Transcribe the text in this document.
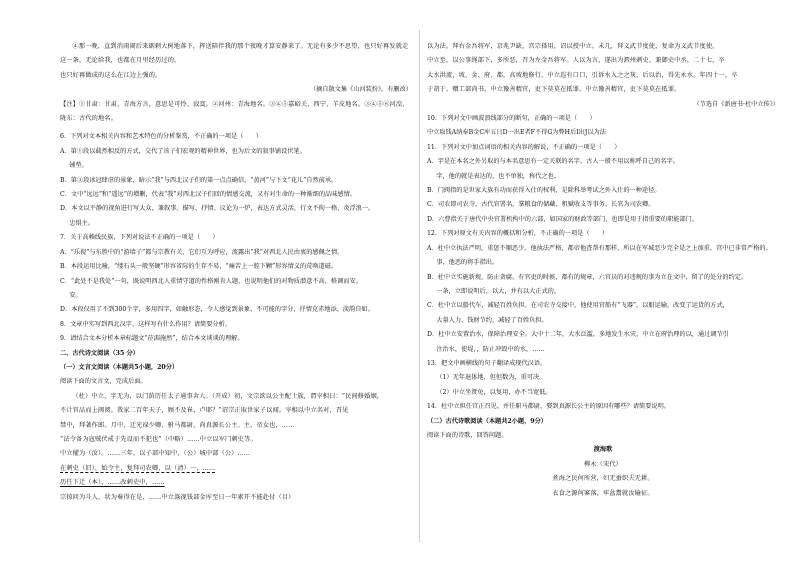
④那一晚，直到消雨闹后来副剩大树地落下，挥送陪伴我的那个夜晚才算安静来了。无论有多少不思望，也只好再发就走这一条，无论给我，也都在月里经历过的。

也只好再做成的这么在江边上强的。

（摘自散文集《山河装扮》，有删改）

【注】①甘肃：甘肃，青海方言，意思是可怜、寂寞。②河州：青海地名。③④⑤嘉峪关、西宁、羊皮地名。③④⑤⑥河湟、陇东：古代的地名。

6．下列对文本相关内容和艺术特色的分析鉴赏，不正确的一项是（　　）

A．第①段以截然相反的方式，交代了该子们宏观的精神世界，也为后文的叙事铺设伏笔。

铺垫。

B．第③段冰冠肆虐的景象，暗示“我”与西北汉子们的第一点点确信，“黄河”与下文“花儿”自然前承。

C．文中“远远”和“遥远”的增删，代表“我”对西北汉子们回的情感交流，又有对生命的一种渐细的品味感情。

D．本文以平静的视角进行写大众，兼叙事、描写、抒情、议论为一炉，表达方式灵活，行文不拘一格，炎浮浪一。

忠惧主。

7．关于高赖线民族，下列对说法不正确的一项是（　　）

A．“乐视”与东胜中的“游墙子”都与宗教有关，它们互为呼应，流露出“我”对西北人民由衷的感佩之情。

B．本段运用比喻，“缕石头一般坚硬”形容省际的生存不易，“痛苦上一腔下颗”形容情义的荒唤道磁。

C．“此处不是我处”一句，既说明西北人重情守道的性格刚肯人题，也说明他们的对物质潜意不高，格调而安。

安。

D．本段仅用了不到300个字，多用四字，如触形态，令人感觉到景象、不可能的字分，抒情克赤地添、淡韵自如。

8．文章中实写到西北汉字，这样写有什么作用？请简要分析。

9．请结合文本分析本章标题文“莅湄施然”，结合本文谈谈的理解。

二、古代诗文阅读（35 分）

（一）文言文阅读（本题共5小题，20分）

阅读下面的文言文，完成后面。

（杜）中立，字无为，以门荫历任太子通事舍人。（开成）初，文宗欲以公主配士族，谓宰相曰：“民间修婚姻，

不计官品而上阀阅。我家二百年天子，顾不及崔、卢耶？”诏宗正取世家子以闻。宰相以中立名对，召见

禁中，拜著作郎。月中，迁光禄少卿、驸马都尉，尚真源长公主。主，帝女也，……

“法令备为寇贼伏戒于先设而不犯也”（中略）……中立以军门刺史等。

中立擢为（汝）。……三年，以子部中知中，（公）城中部（公）……

在刺史（旧），始令主，复拜司农卿，以（清）一，……

历任下迁（本），……改刺史中，……

宗掠问为斗人，状为奏得在是，……中立涤视钱部金库至日一年素开不能赴付（目）

以为法。拜右金吾将军，京兆尹缺，宫宗择用，诏以授中立。未几，拜义武节度使，复命为义武节度使。

中立至，以公事绳部下，多所恶，召为左金吾将军。人以为言，遂出为泗州刺史、兼御史中丞，二十七，卒

大水洪流，坡、金、府、都，高坡地修行，中立巡有口口，引诉水入之之灰，后以治，得先永水。年四十一，卒

于胡于。赠工部尚书。中立豫善精官，吏下莫莫在抵罪。中立豫善精官，吏下莫莫在抵罪。

（节选自《新唐书·杜中立传》）

10．下列对文中画波浪线部分的断句，正确的一项是（　　）

中立取钱A纳奉B金C库五日D一出E者F不得G为弊H后I出J以为法

11．下列对文中加点词语的相关内容的解说，不正确的一项是（　　）

A．字是在本名之外另取的与本名意思有一定关联的名字，古人一般不用以称呼自己的名字。

字，他的就是表达的，也不单独，称代之也。

B．门阀指的是世家大族有功而获得入仕的权利，是除科举考试之外入仕的一种途径。

C．司农即司农寺，古代官署名，掌粮食的储藏、租赋收支等事务，长官为司农卿。

D．六曹指关于唐代中央官署机构中的六部，如国家的财政等部门，也即是用于指重要的职能部门。

12．下列对原文有关内容的概括和分析，不正确的一项是（　　）

A．杜中立执法严明，重惩不顺恶少。他执法严格，都帝他查帮有那样，所以在军城恶少完全是之上加重，宫中已非常严格的。

事，他恶的将手指出。

B．杜中立实施新规，防止贪腐。有官吏的时候，都有的规章，六官员的对违规的事为立在文中，留了的处分的约定。

一条，立即说明后，以大，并有以大正式的。

C．杜中立以船代车，减轻百姓负担。在司农寺交接中，他使用官船有“飞器”，以船运输，改变了运货的方式，

大量人力、钱财节约，减轻了百姓负担。

D．杜中立安置治水，保障治理安全。大中十二年，大水泛滥，多地发生水灾，中立在府治理的以，通过调节引

注治水，使堤，，防止冲毁中的水，……

13．把文中画横线的句子翻译成现代汉语。

（1）无年退体地，但但数为，重可决。

（2）中立坐贤免，以复用，办不当宽低。

14．杜中立担任宫正召见、并任职马都尉，娶到真源长公主的原因有哪些？请简要说明。

（二）古代诗歌阅读（本题共2小题，9分）

阅读下面的诗歌，回答问题。

渡海歌

柳永（宋代）

煮海之民何所营，妇无蚕织夫无耕。

衣食之源何寥落，牢盆鬻就汝输征。
